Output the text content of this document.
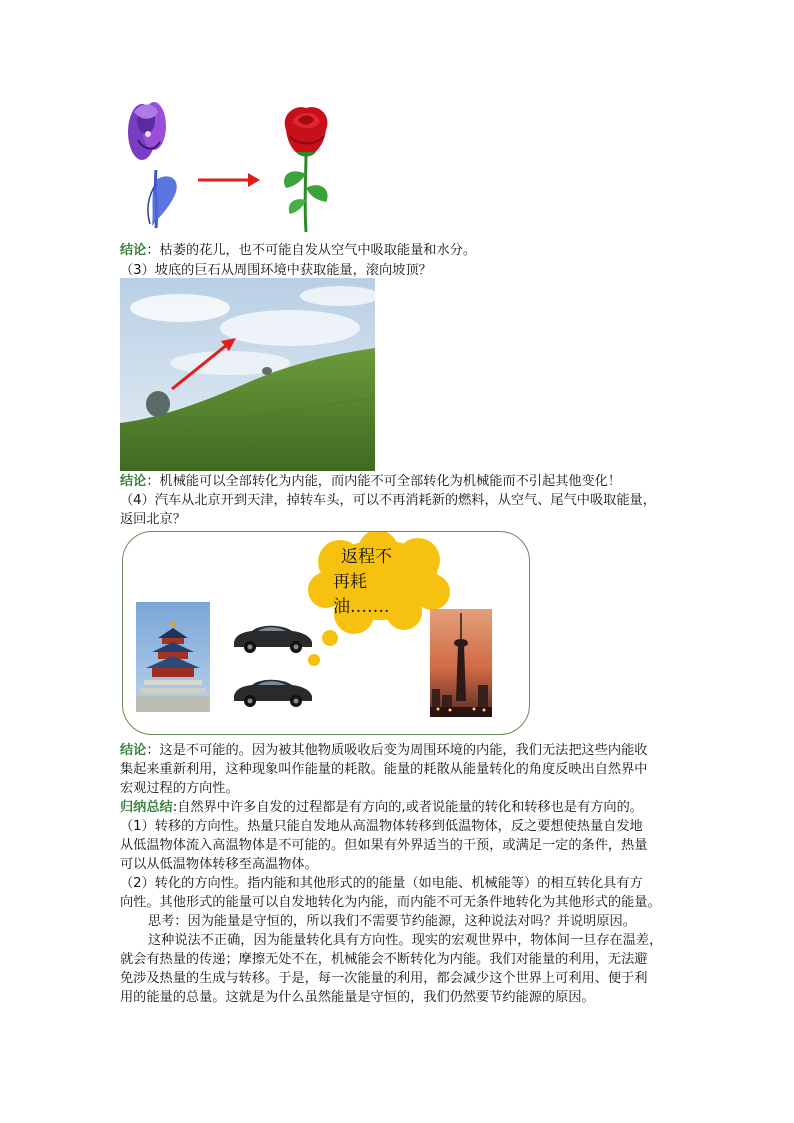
结论：枯萎的花儿，也不可能自发从空气中吸取能量和水分。
（3）坡底的巨石从周围环境中获取能量，滚向坡顶？
结论：机械能可以全部转化为内能，而内能不可全部转化为机械能而不引起其他变化！
（4）汽车从北京开到天津，掉转车头，可以不再消耗新的燃料，从空气、尾气中吸取能量，
返回北京？
返程不
再耗
油…….
结论：这是不可能的。因为被其他物质吸收后变为周围环境的内能，我们无法把这些内能收
集起来重新利用，这种现象叫作能量的耗散。能量的耗散从能量转化的角度反映出自然界中
宏观过程的方向性。
归纳总结:自然界中许多自发的过程都是有方向的,或者说能量的转化和转移也是有方向的。
（1）转移的方向性。热量只能自发地从高温物体转移到低温物体，反之要想使热量自发地
从低温物体流入高温物体是不可能的。但如果有外界适当的干预，或满足一定的条件，热量
可以从低温物体转移至高温物体。
（2）转化的方向性。指内能和其他形式的的能量（如电能、机械能等）的相互转化具有方
向性。其他形式的能量可以自发地转化为内能，而内能不可无条件地转化为其他形式的能量。
思考：因为能量是守恒的，所以我们不需要节约能源，这种说法对吗？并说明原因。
这种说法不正确，因为能量转化具有方向性。现实的宏观世界中，物体间一旦存在温差，
就会有热量的传递；摩擦无处不在，机械能会不断转化为内能。我们对能量的利用，无法避
免涉及热量的生成与转移。于是，每一次能量的利用，都会减少这个世界上可利用、便于利
用的能量的总量。这就是为什么虽然能量是守恒的，我们仍然要节约能源的原因。
